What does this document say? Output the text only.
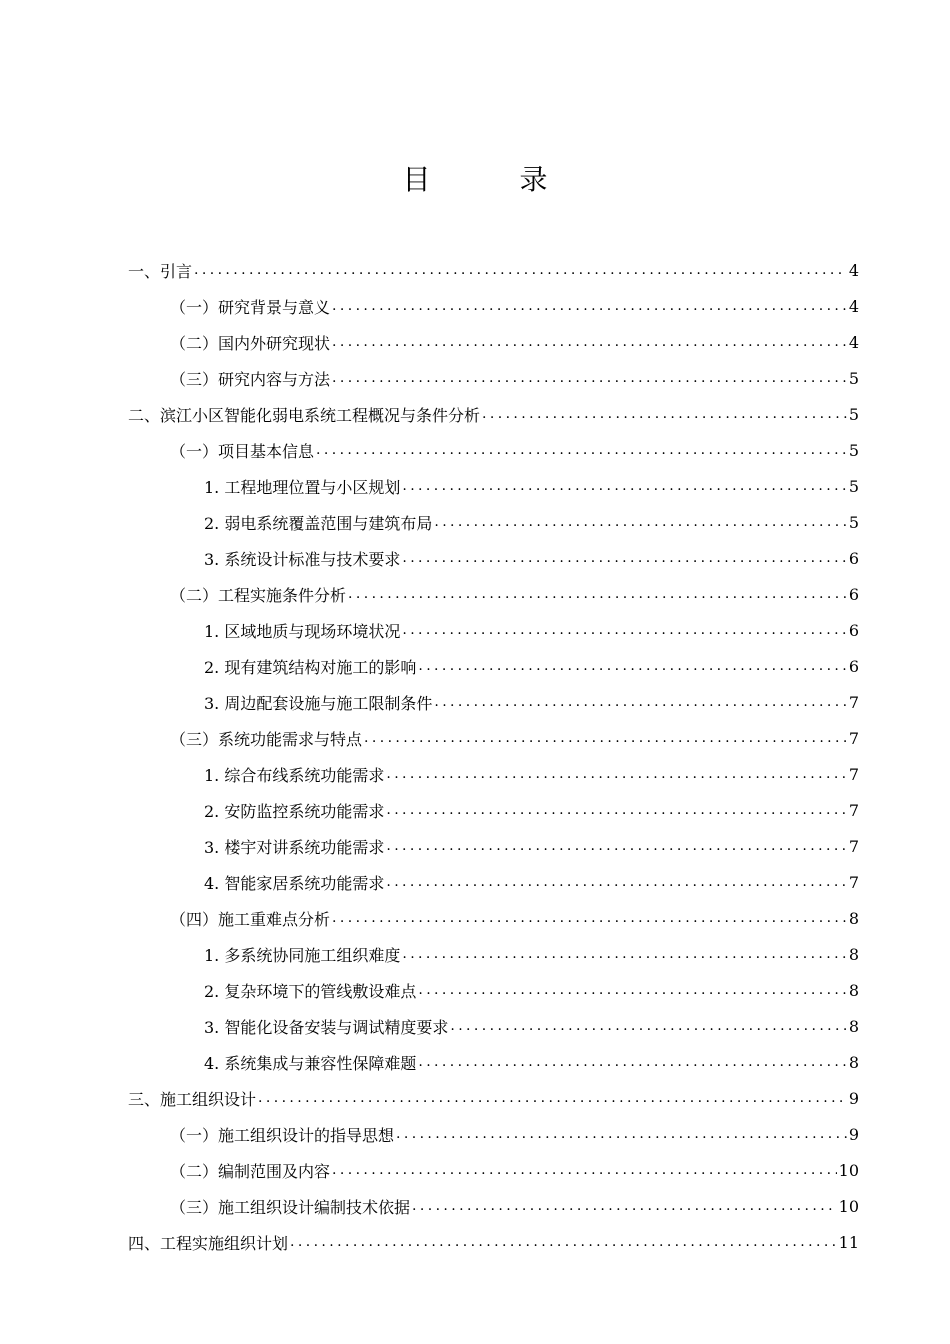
目 录
一、引言 .....	4
（一）研究背景与意义 .....	4
（二）国内外研究现状 .....	4
（三）研究内容与方法 .....	5
二、滨江小区智能化弱电系统工程概况与条件分析 .....	5
（一）项目基本信息 .....	5
1. 工程地理位置与小区规划 .....	5
2. 弱电系统覆盖范围与建筑布局 .....	5
3. 系统设计标准与技术要求 .....	6
（二）工程实施条件分析 .....	6
1. 区域地质与现场环境状况 .....	6
2. 现有建筑结构对施工的影响 .....	6
3. 周边配套设施与施工限制条件 .....	7
（三）系统功能需求与特点 .....	7
1. 综合布线系统功能需求 .....	7
2. 安防监控系统功能需求 .....	7
3. 楼宇对讲系统功能需求 .....	7
4. 智能家居系统功能需求 .....	7
（四）施工重难点分析 .....	8
1. 多系统协同施工组织难度 .....	8
2. 复杂环境下的管线敷设难点 .....	8
3. 智能化设备安装与调试精度要求 .....	8
4. 系统集成与兼容性保障难题 .....	8
三、施工组织设计 .....	9
（一）施工组织设计的指导思想 .....	9
（二）编制范围及内容 .....	10
（三）施工组织设计编制技术依据 .....	10
四、工程实施组织计划 .....	11
